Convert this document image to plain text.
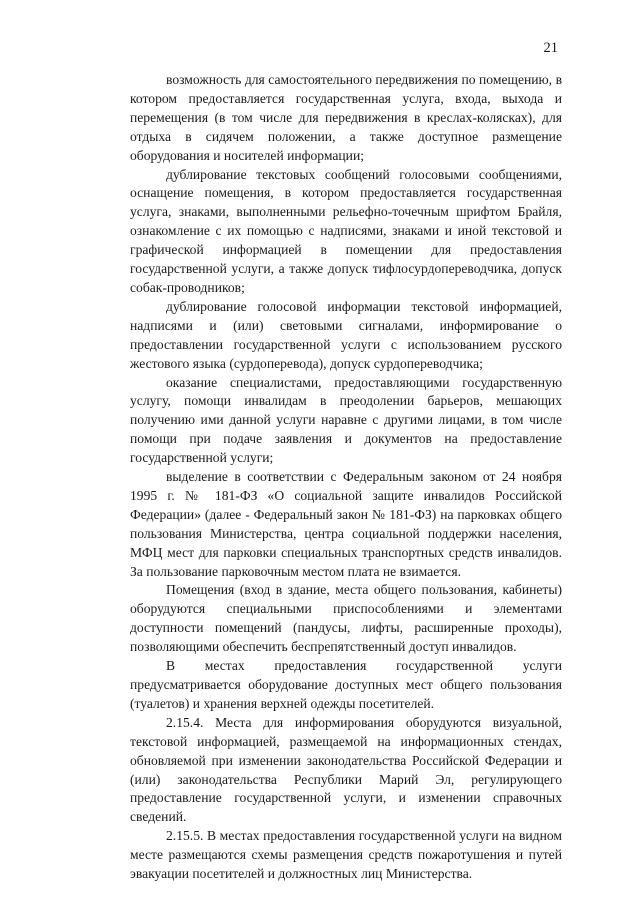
21

возможность для самостоятельного передвижения по помещению, в котором предоставляется государственная услуга, входа, выхода и перемещения (в том числе для передвижения в креслах-колясках), для отдыха в сидячем положении, а также доступное размещение оборудования и носителей информации;

дублирование текстовых сообщений голосовыми сообщениями, оснащение помещения, в котором предоставляется государственная услуга, знаками, выполненными рельефно-точечным шрифтом Брайля, ознакомление с их помощью с надписями, знаками и иной текстовой и графической информацией в помещении для предоставления государственной услуги, а также допуск тифлосурдопереводчика, допуск собак-проводников;

дублирование голосовой информации текстовой информацией, надписями и (или) световыми сигналами, информирование о предоставлении государственной услуги с использованием русского жестового языка (сурдоперевода), допуск сурдопереводчика;

оказание специалистами, предоставляющими государственную услугу, помощи инвалидам в преодолении барьеров, мешающих получению ими данной услуги наравне с другими лицами, в том числе помощи при подаче заявления и документов на предоставление государственной услуги;

выделение в соответствии с Федеральным законом от 24 ноября 1995 г. № 181-ФЗ «О социальной защите инвалидов Российской Федерации» (далее - Федеральный закон № 181-ФЗ) на парковках общего пользования Министерства, центра социальной поддержки населения, МФЦ мест для парковки специальных транспортных средств инвалидов. За пользование парковочным местом плата не взимается.

Помещения (вход в здание, места общего пользования, кабинеты) оборудуются специальными приспособлениями и элементами доступности помещений (пандусы, лифты, расширенные проходы), позволяющими обеспечить беспрепятственный доступ инвалидов.

В местах предоставления государственной услуги предусматривается оборудование доступных мест общего пользования (туалетов) и хранения верхней одежды посетителей.

2.15.4. Места для информирования оборудуются визуальной, текстовой информацией, размещаемой на информационных стендах, обновляемой при изменении законодательства Российской Федерации и (или) законодательства Республики Марий Эл, регулирующего предоставление государственной услуги, и изменении справочных сведений.

2.15.5. В местах предоставления государственной услуги на видном месте размещаются схемы размещения средств пожаротушения и путей эвакуации посетителей и должностных лиц Министерства.
